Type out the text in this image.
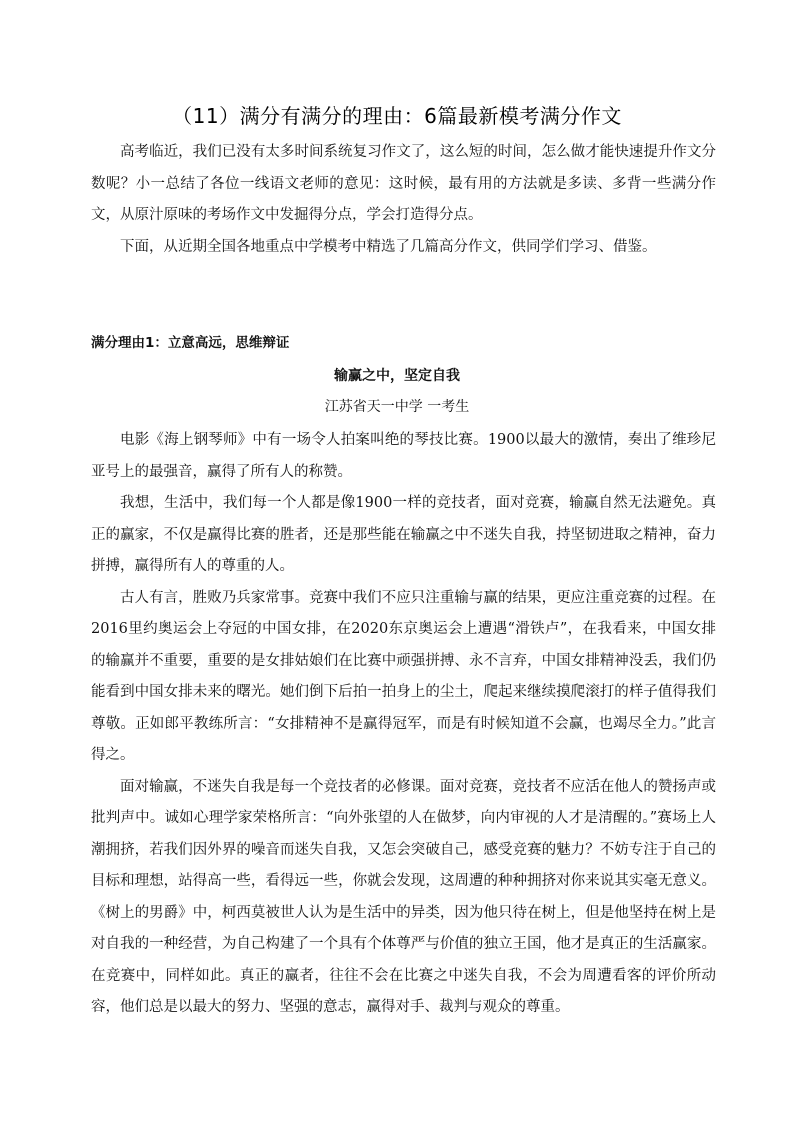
（11）满分有满分的理由：6篇最新模考满分作文

高考临近，我们已没有太多时间系统复习作文了，这么短的时间，怎么做才能快速提升作文分数呢？小一总结了各位一线语文老师的意见：这时候，最有用的方法就是多读、多背一些满分作文，从原汁原味的考场作文中发掘得分点，学会打造得分点。

下面，从近期全国各地重点中学模考中精选了几篇高分作文，供同学们学习、借鉴。

满分理由1：立意高远，思维辩证
输赢之中，坚定自我
江苏省天一中学 一考生

电影《海上钢琴师》中有一场令人拍案叫绝的琴技比赛。1900以最大的激情，奏出了维珍尼亚号上的最强音，赢得了所有人的称赞。

我想，生活中，我们每一个人都是像1900一样的竞技者，面对竞赛，输赢自然无法避免。真正的赢家，不仅是赢得比赛的胜者，还是那些能在输赢之中不迷失自我，持坚韧进取之精神，奋力拼搏，赢得所有人的尊重的人。

古人有言，胜败乃兵家常事。竞赛中我们不应只注重输与赢的结果，更应注重竞赛的过程。在2016里约奥运会上夺冠的中国女排，在2020东京奥运会上遭遇“滑铁卢”，在我看来，中国女排的输赢并不重要，重要的是女排姑娘们在比赛中顽强拼搏、永不言弃，中国女排精神没丢，我们仍能看到中国女排未来的曙光。她们倒下后拍一拍身上的尘土，爬起来继续摸爬滚打的样子值得我们尊敬。正如郎平教练所言：“女排精神不是赢得冠军，而是有时候知道不会赢，也竭尽全力。”此言得之。

面对输赢，不迷失自我是每一个竞技者的必修课。面对竞赛，竞技者不应活在他人的赞扬声或批判声中。诚如心理学家荣格所言：“向外张望的人在做梦，向内审视的人才是清醒的。”赛场上人潮拥挤，若我们因外界的噪音而迷失自我，又怎会突破自己，感受竞赛的魅力？不妨专注于自己的目标和理想，站得高一些，看得远一些，你就会发现，这周遭的种种拥挤对你来说其实毫无意义。《树上的男爵》中，柯西莫被世人认为是生活中的异类，因为他只待在树上，但是他坚持在树上是对自我的一种经营，为自己构建了一个具有个体尊严与价值的独立王国，他才是真正的生活赢家。在竞赛中，同样如此。真正的赢者，往往不会在比赛之中迷失自我，不会为周遭看客的评价所动容，他们总是以最大的努力、坚强的意志，赢得对手、裁判与观众的尊重。
